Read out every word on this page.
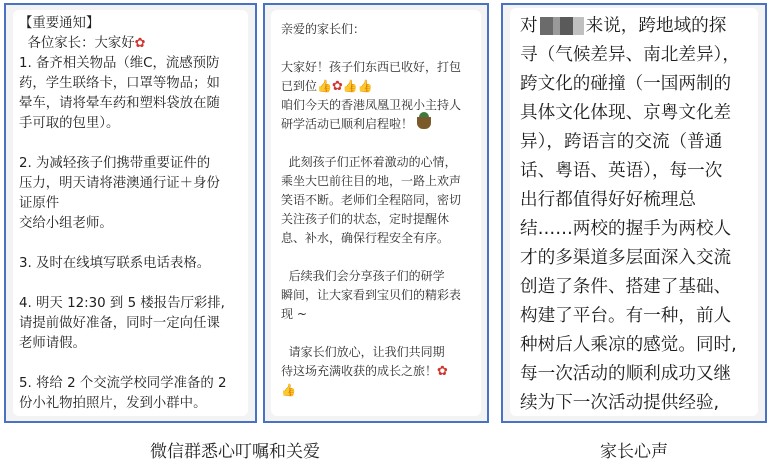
【重要通知】
各位家长：大家好✿
1. 备齐相关物品（维C，流感预防
药，学生联络卡，口罩等物品；如
晕车，请将晕车药和塑料袋放在随
手可取的包里）。
2. 为减轻孩子们携带重要证件的
压力，明天请将港澳通行证＋身份
证原件
交给小组老师。
3. 及时在线填写联系电话表格。
4. 明天 12:30 到 5 楼报告厅彩排,
请提前做好准备，同时一定向任课
老师请假。
5. 将给 2 个交流学校同学准备的 2
份小礼物拍照片，发到小群中。
亲爱的家长们：
大家好！孩子们东西已收好，打包
已到位👍✿👍👍
咱们今天的香港凤凰卫视小主持人
研学活动已顺利启程啦！
此刻孩子们正怀着激动的心情，
乘坐大巴前往目的地，一路上欢声
笑语不断。老师们全程陪同，密切
关注孩子们的状态，定时提醒休
息、补水，确保行程安全有序。
后续我们会分享孩子们的研学
瞬间，让大家看到宝贝们的精彩表
现 ~
请家长们放心，让我们共同期
待这场充满收获的成长之旅！✿
👍
对	来说，跨地域的探
寻（气候差异、南北差异），
跨文化的碰撞（一国两制的
具体文化体现、京粤文化差
异），跨语言的交流（普通
话、粤语、英语），每一次
出行都值得好好梳理总
结……两校的握手为两校人
才的多渠道多层面深入交流
创造了条件、搭建了基础、
构建了平台。有一种，前人
种树后人乘凉的感觉。同时,
每一次活动的顺利成功又继
续为下一次活动提供经验,
微信群悉心叮嘱和关爱	家长心声
